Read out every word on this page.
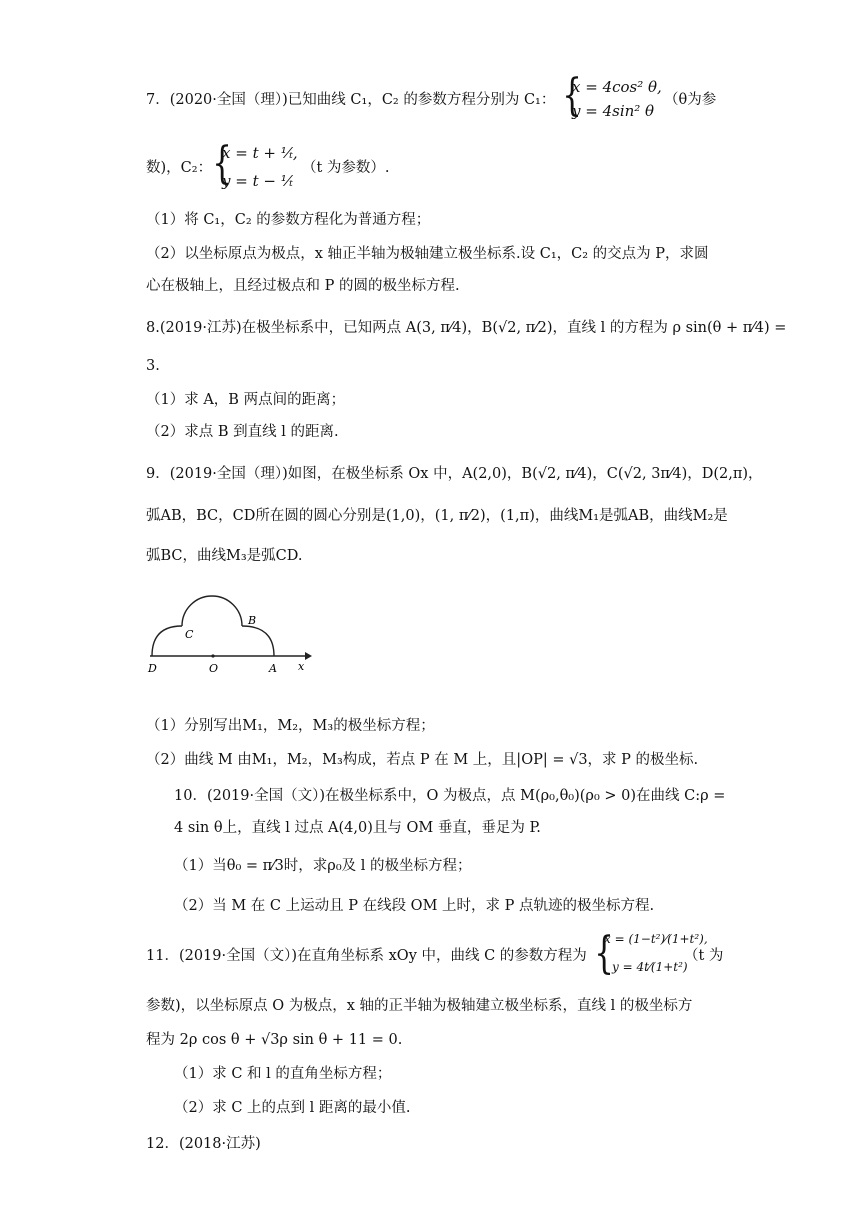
7．(2020·全国（理）)已知曲线 C₁，C₂ 的参数方程分别为 C₁： {
x = 4cos² θ,
y = 4sin² θ
（θ为参
数)，C₂： {
x = t + ¹⁄ₜ,
y = t − ¹⁄ₜ
（t 为参数）.
（1）将 C₁，C₂ 的参数方程化为普通方程；
（2）以坐标原点为极点，x 轴正半轴为极轴建立极坐标系.设 C₁，C₂ 的交点为 P，求圆
心在极轴上，且经过极点和 P 的圆的极坐标方程.
8.(2019·江苏)在极坐标系中，已知两点 A(3, π⁄4)，B(√2, π⁄2)，直线 l 的方程为 ρ sin(θ + π⁄4) =
3.
（1）求 A，B 两点间的距离；
（2）求点 B 到直线 l 的距离.
9．(2019·全国（理）)如图，在极坐标系 Ox 中，A(2,0)，B(√2, π⁄4)，C(√2, 3π⁄4)，D(2,π)，
弧AB，BC，CD所在圆的圆心分别是(1,0)，(1, π⁄2)，(1,π)，曲线M₁是弧AB，曲线M₂是
弧BC，曲线M₃是弧CD.
D	O	A x
B
C
（1）分别写出M₁，M₂，M₃的极坐标方程；
（2）曲线 M 由M₁，M₂，M₃构成，若点 P 在 M 上，且|OP| = √3，求 P 的极坐标.
10．(2019·全国（文）)在极坐标系中，O 为极点，点 M(ρ₀,θ₀)(ρ₀ > 0)在曲线 C:ρ =
4 sin θ上，直线 l 过点 A(4,0)且与 OM 垂直，垂足为 P.
（1）当θ₀ = π⁄3时，求ρ₀及 l 的极坐标方程；
（2）当 M 在 C 上运动且 P 在线段 OM 上时，求 P 点轨迹的极坐标方程.
11．(2019·全国（文）)在直角坐标系 xOy 中，曲线 C 的参数方程为 {
x = (1−t²)⁄(1+t²),
y = 4t⁄(1+t²)
（t 为
参数)，以坐标原点 O 为极点，x 轴的正半轴为极轴建立极坐标系，直线 l 的极坐标方
程为 2ρ cos θ + √3ρ sin θ + 11 = 0.
（1）求 C 和 l 的直角坐标方程；
（2）求 C 上的点到 l 距离的最小值.
12．(2018·江苏)
